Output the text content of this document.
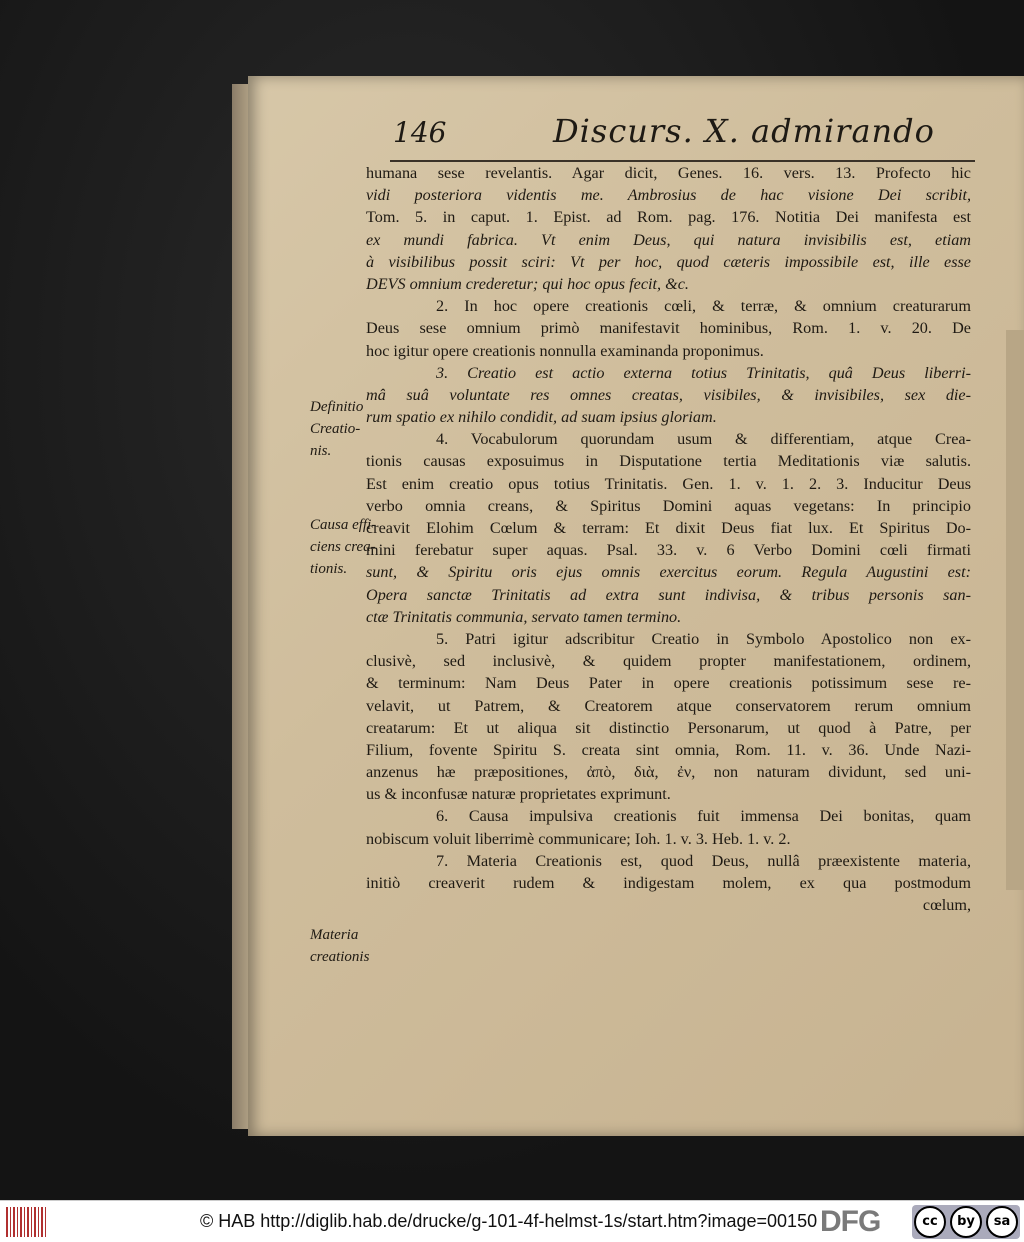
146	Discurs. X. admirando
Definitio Creatio- nis.
Causa effi- ciens crea- tionis.
Materia creationis
humana sese revelantis. Agar dicit, Genes. 16. vers. 13. Profecto hic
vidi posteriora videntis me. Ambrosius de hac visione Dei scribit,
Tom. 5. in caput. 1. Epist. ad Rom. pag. 176. Notitia Dei manifesta est
ex mundi fabrica. Vt enim Deus, qui natura invisibilis est, etiam
à visibilibus possit sciri: Vt per hoc, quod cæteris impossibile est, ille esse
DEVS omnium crederetur; qui hoc opus fecit, &c.
2. In hoc opere creationis cœli, & terræ, & omnium creaturarum
Deus sese omnium primò manifestavit hominibus, Rom. 1. v. 20. De
hoc igitur opere creationis nonnulla examinanda proponimus.
3. Creatio est actio externa totius Trinitatis, quâ Deus liberri-
mâ suâ voluntate res omnes creatas, visibiles, & invisibiles, sex die-
rum spatio ex nihilo condidit, ad suam ipsius gloriam.
4. Vocabulorum quorundam usum & differentiam, atque Crea-
tionis causas exposuimus in Disputatione tertia Meditationis viæ salutis.
Est enim creatio opus totius Trinitatis. Gen. 1. v. 1. 2. 3. Inducitur Deus
verbo omnia creans, & Spiritus Domini aquas vegetans: In principio
creavit Elohim Cœlum & terram: Et dixit Deus fiat lux. Et Spiritus Do-
mini ferebatur super aquas. Psal. 33. v. 6 Verbo Domini cœli firmati
sunt, & Spiritu oris ejus omnis exercitus eorum. Regula Augustini est:
Opera sanctæ Trinitatis ad extra sunt indivisa, & tribus personis san-
ctæ Trinitatis communia, servato tamen termino.
5. Patri igitur adscribitur Creatio in Symbolo Apostolico non ex-
clusivè, sed inclusivè, & quidem propter manifestationem, ordinem,
& terminum: Nam Deus Pater in opere creationis potissimum sese re-
velavit, ut Patrem, & Creatorem atque conservatorem rerum omnium
creatarum: Et ut aliqua sit distinctio Personarum, ut quod à Patre, per
Filium, fovente Spiritu S. creata sint omnia, Rom. 11. v. 36. Unde Nazi-
anzenus hæ præpositiones, ἀπὸ, διὰ, ἐν, non naturam dividunt, sed uni-
us & inconfusæ naturæ proprietates exprimunt.
6. Causa impulsiva creationis fuit immensa Dei bonitas, quam
nobiscum voluit liberrimè communicare; Ioh. 1. v. 3. Heb. 1. v. 2.
7. Materia Creationis est, quod Deus, nullâ præexistente materia,
initiò creaverit rudem & indigestam molem, ex qua postmodum
cœlum,
© HAB http://diglib.hab.de/drucke/g-101-4f-helmst-1s/start.htm?image=00150 DFG	cc	by	sa
